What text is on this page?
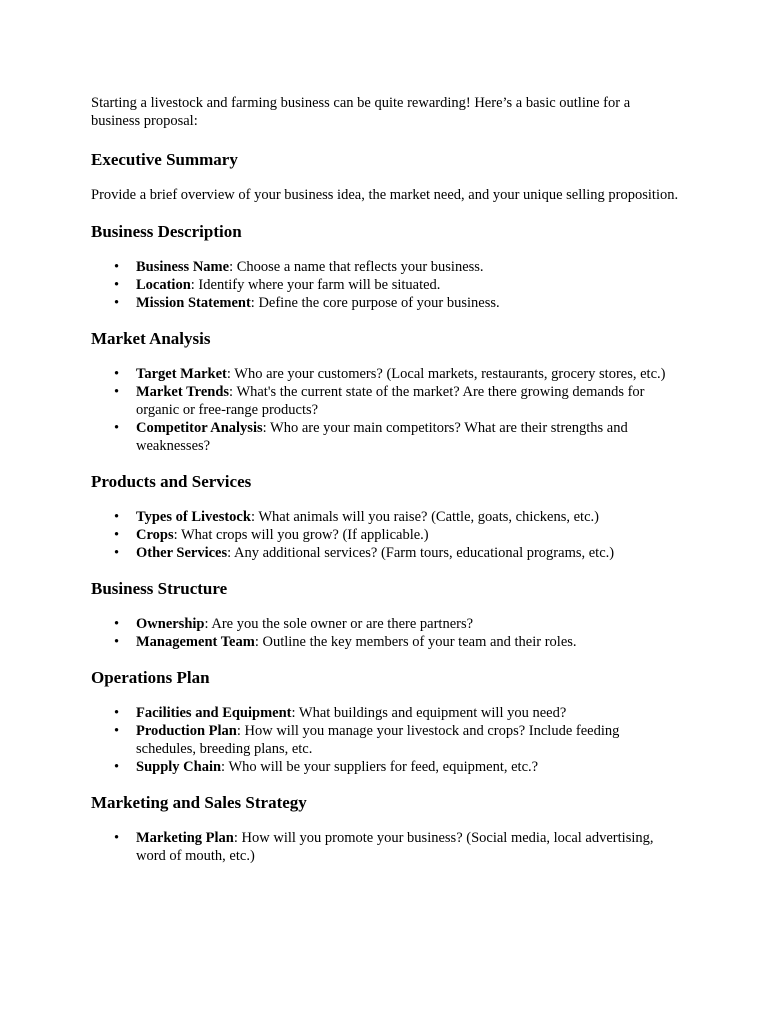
Starting a livestock and farming business can be quite rewarding! Here’s a basic outline for a business proposal:

Executive Summary

Provide a brief overview of your business idea, the market need, and your unique selling proposition.

Business Description
• Business Name: Choose a name that reflects your business.
• Location: Identify where your farm will be situated.
• Mission Statement: Define the core purpose of your business.
Market Analysis
• Target Market: Who are your customers? (Local markets, restaurants, grocery stores, etc.)
• Market Trends: What's the current state of the market? Are there growing demands for organic or free-range products?
• Competitor Analysis: Who are your main competitors? What are their strengths and weaknesses?
Products and Services
• Types of Livestock: What animals will you raise? (Cattle, goats, chickens, etc.)
• Crops: What crops will you grow? (If applicable.)
• Other Services: Any additional services? (Farm tours, educational programs, etc.)
Business Structure
• Ownership: Are you the sole owner or are there partners?
• Management Team: Outline the key members of your team and their roles.
Operations Plan
• Facilities and Equipment: What buildings and equipment will you need?
• Production Plan: How will you manage your livestock and crops? Include feeding schedules, breeding plans, etc.
• Supply Chain: Who will be your suppliers for feed, equipment, etc.?
Marketing and Sales Strategy
• Marketing Plan: How will you promote your business? (Social media, local advertising, word of mouth, etc.)
